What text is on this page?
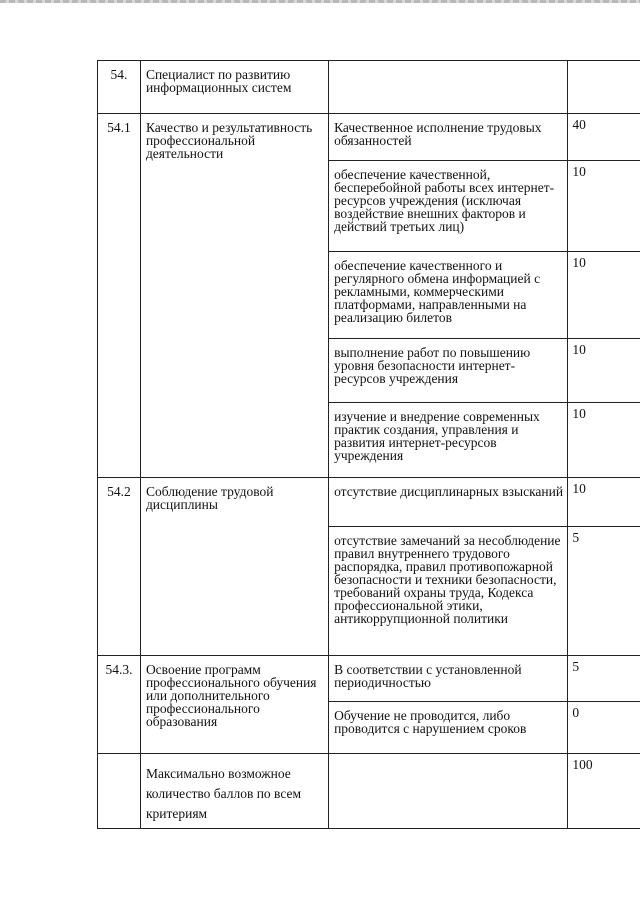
54.	Специалист по развитию информационных систем		

54.1	Качество и результативность профессиональной деятельности	Качественное исполнение трудовых обязанностей	40

		обеспечение качественной, бесперебойной работы всех интернет-ресурсов учреждения (исключая воздействие внешних факторов и действий третьих лиц)	10

		обеспечение качественного и регулярного обмена информацией с рекламными, коммерческими платформами, направленными на реализацию билетов	10

		выполнение работ по повышению уровня безопасности интернет-ресурсов учреждения	10

		изучение и внедрение современных практик создания, управления и развития интернет-ресурсов учреждения	10

54.2	Соблюдение трудовой дисциплины	отсутствие дисциплинарных взысканий	10

		отсутствие замечаний за несоблюдение правил внутреннего трудового распорядка, правил противопожарной безопасности и техники безопасности, требований охраны труда, Кодекса профессиональной этики, антикоррупционной политики	5

54.3.	Освоение программ профессионального обучения или дополнительного профессионального образования	В соответствии с установленной периодичностью	5

		Обучение не проводится, либо проводится с нарушением сроков	0

	Максимально возможное количество баллов по всем критериям		100
